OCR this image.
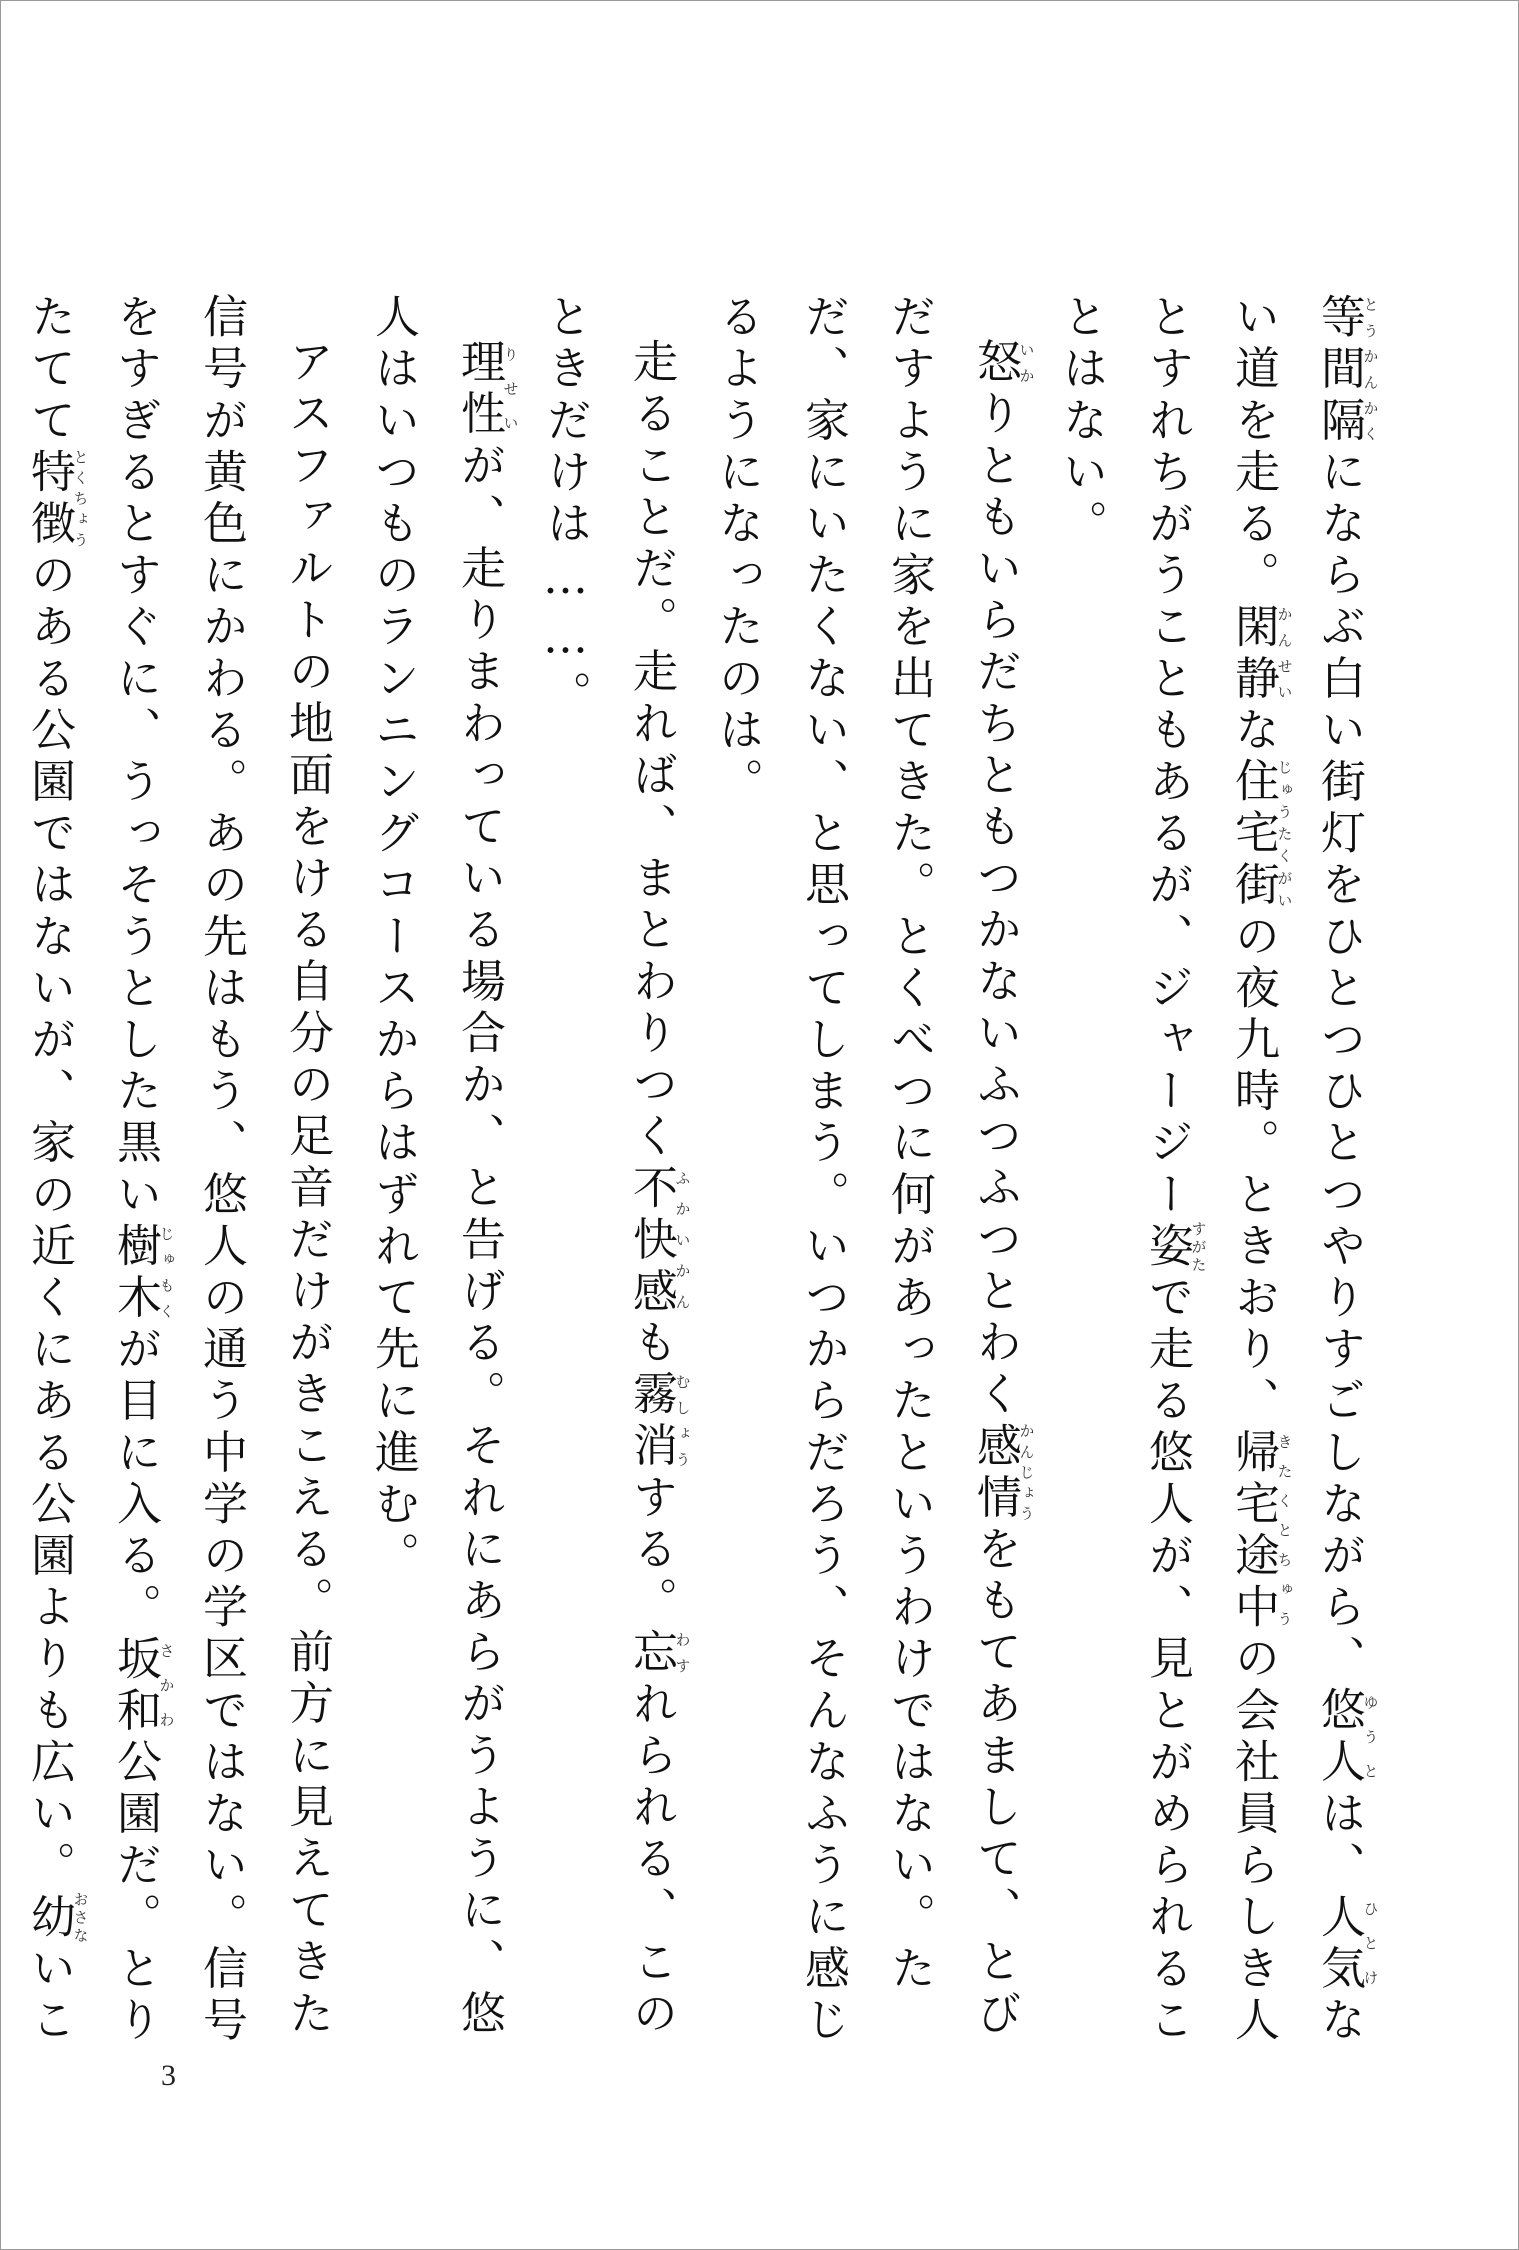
等間隔とうかんかくにならぶ白い街灯をひとつひとつやりすごしながら、悠人ゆうとは、人気ひとけない道を走る。閑静かんせいな住宅街じゅうたくがいの夜九時。ときおり、帰宅途中きたくとちゅうの会社員らしき人とすれちがうこともあるが、ジャージー姿すがたで走る悠人が、見とがめられることはない。

怒いかりともいらだちともつかないふつふつとわく感情かんじょうをもてあまして、とびだすように家を出てきた。とくべつに何があったというわけではない。ただ、家にいたくない、と思ってしまう。いつからだろう、そんなふうに感じるようになったのは。

走ることだ。走れば、まとわりつく不快感ふかいかんも霧消むしょうする。忘わすれられる、このときだけは……。

理性りせいが、走りまわっている場合か、と告げる。それにあらがうように、悠人はいつものランニングコースからはずれて先に進む。

アスファルトの地面をける自分の足音だけがきこえる。前方に見えてきた信号が黄色にかわる。あの先はもう、悠人の通う中学の学区ではない。信号をすぎるとすぐに、うっそうとした黒い樹木じゅもくが目に入る。坂和さかわ公園だ。とりたてて特徴とくちょうのある公園ではないが、家の近くにある公園よりも広い。幼おさないこ

3
